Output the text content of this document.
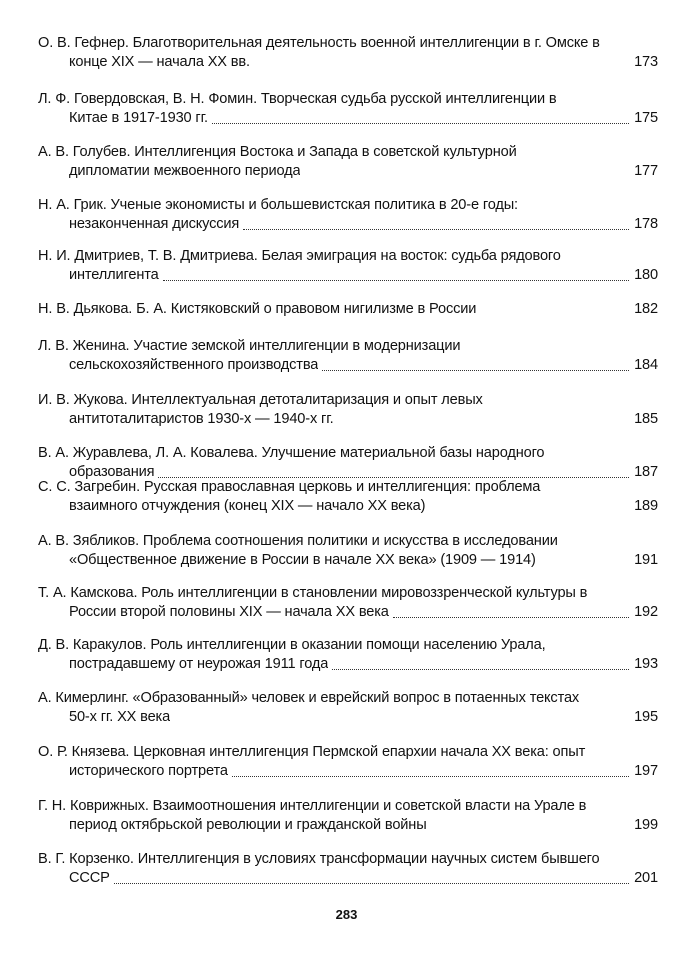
О. В. Гефнер. Благотворительная деятельность военной интеллигенции в г. Омске в
конце XIX — начала XX вв.	173
Л. Ф. Говердовская, В. Н. Фомин. Творческая судьба русской интеллигенции в
Китае в 1917-1930 гг.	175
А. В. Голубев. Интеллигенция Востока и Запада в советской культурной
дипломатии межвоенного периода	177
Н. А. Грик. Ученые экономисты и большевистская политика в 20-е годы:
незаконченная дискуссия	178
Н. И. Дмитриев, Т. В. Дмитриева. Белая эмиграция на восток: судьба рядового
интеллигента	180
Н. В. Дьякова. Б. А. Кистяковский о правовом нигилизме в России	182
Л. В. Женина. Участие земской интеллигенции в модернизации
сельскохозяйственного производства	184
И. В. Жукова. Интеллектуальная детоталитаризация и опыт левых
антитоталитаристов 1930-х — 1940-х гг.	185
В. А. Журавлева, Л. А. Ковалева. Улучшение материальной базы народного
образования	187
С. С. Загребин. Русская православная церковь и интеллигенция: проблема
взаимного отчуждения (конец XIX — начало XX века)	189
А. В. Зябликов. Проблема соотношения политики и искусства в исследовании
«Общественное движение в России в начале XX века» (1909 — 1914)	191
Т. А. Камскова. Роль интеллигенции в становлении мировоззренческой культуры в
России второй половины XIX — начала XX века	192
Д. В. Каракулов. Роль интеллигенции в оказании помощи населению Урала,
пострадавшему от неурожая 1911 года	193
А. Кимерлинг. «Образованный» человек и еврейский вопрос в потаенных текстах
50-х гг. XX века	195
О. Р. Князева. Церковная интеллигенция Пермской епархии начала XX века: опыт
исторического портрета	197
Г. Н. Коврижных. Взаимоотношения интеллигенции и советской власти на Урале в
период октябрьской революции и гражданской войны	199
В. Г. Корзенко. Интеллигенция в условиях трансформации научных систем бывшего
СССР	201
283
